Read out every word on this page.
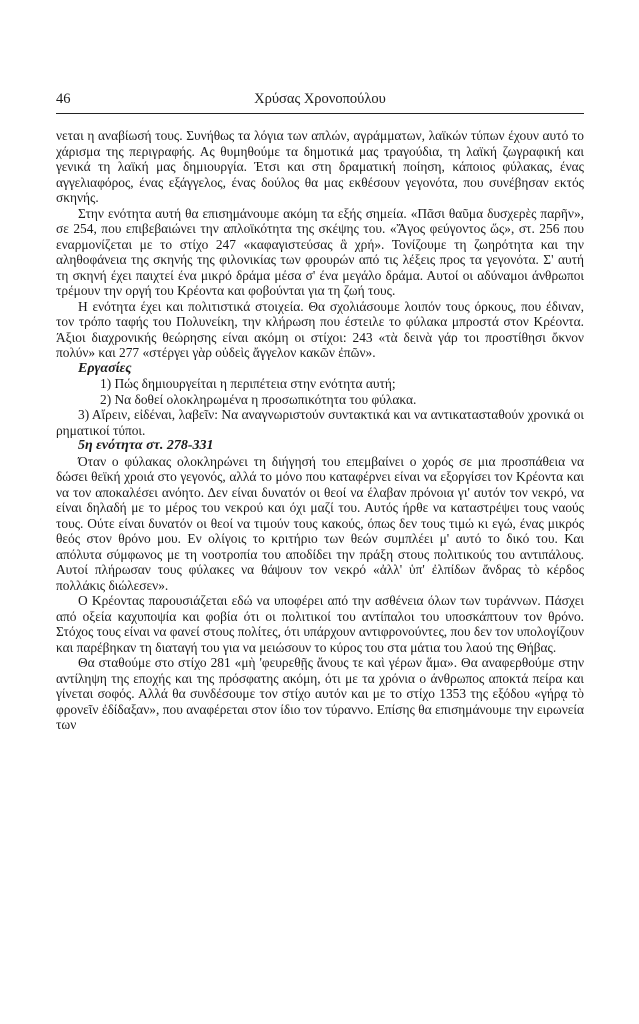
46	Χρύσας Χρονοπούλου

νεται η αναβίωσή τους. Συνήθως τα λόγια των απλών, αγράμματων, λαϊκών τύπων έχουν αυτό το χάρισμα της περιγραφής. Ας θυμηθούμε τα δημοτικά μας τραγούδια, τη λαϊκή ζωγραφική και γενικά τη λαϊκή μας δημιουργία. Έτσι και στη δραματική ποίηση, κάποιος φύλακας, ένας αγγελιαφόρος, ένας εξάγγελος, ένας δούλος θα μας εκθέσουν γεγονότα, που συνέβησαν εκτός σκηνής.

Στην ενότητα αυτή θα επισημάνουμε ακόμη τα εξής σημεία. «Πᾶσι θαῦμα δυσχερὲς παρῆν», σε 254, που επιβεβαιώνει την απλοϊκότητα της σκέψης του. «Ἄγος φεύγοντος ὥς», στ. 256 που εναρμονίζεται με το στίχο 247 «καφαγιστεύσας ἃ χρή». Τονίζουμε τη ζωηρότητα και την αληθοφάνεια της σκηνής της φιλονικίας των φρουρών από τις λέξεις προς τα γεγονότα. Σ' αυτή τη σκηνή έχει παιχτεί ένα μικρό δράμα μέσα σ' ένα μεγάλο δράμα. Αυτοί οι αδύναμοι άνθρωποι τρέμουν την οργή του Κρέοντα και φοβούνται για τη ζωή τους.

Η ενότητα έχει και πολιτιστικά στοιχεία. Θα σχολιάσουμε λοιπόν τους όρκους, που έδιναν, τον τρόπο ταφής του Πολυνείκη, την κλήρωση που έστειλε το φύλακα μπροστά στον Κρέοντα. Άξιοι διαχρονικής θεώρησης είναι ακόμη οι στίχοι: 243 «τὰ δεινὰ γάρ τοι προστίθησι ὄκνον πολύν» και 277 «στέργει γὰρ οὐδεὶς ἄγγελον κακῶν ἐπῶν».

Εργασίες

1) Πώς δημιουργείται η περιπέτεια στην ενότητα αυτή;

2) Να δοθεί ολοκληρωμένα η προσωπικότητα του φύλακα.

3) Αἴρειν, εἰδέναι, λαβεῖν: Να αναγνωριστούν συντακτικά και να αντικατασταθούν χρονικά οι ρηματικοί τύποι.

5η ενότητα στ. 278-331

Όταν ο φύλακας ολοκληρώνει τη διήγησή του επεμβαίνει ο χορός σε μια προσπάθεια να δώσει θεϊκή χροιά στο γεγονός, αλλά το μόνο που καταφέρνει είναι να εξοργίσει τον Κρέοντα και να τον αποκαλέσει ανόητο. Δεν είναι δυνατόν οι θεοί να έλαβαν πρόνοια γι' αυτόν τον νεκρό, να είναι δηλαδή με το μέρος του νεκρού και όχι μαζί του. Αυτός ήρθε να καταστρέψει τους ναούς τους. Ούτε είναι δυνατόν οι θεοί να τιμούν τους κακούς, όπως δεν τους τιμώ κι εγώ, ένας μικρός θεός στον θρόνο μου. Εν ολίγοις το κριτήριο των θεών συμπλέει μ' αυτό το δικό του. Και απόλυτα σύμφωνος με τη νοοτροπία του αποδίδει την πράξη στους πολιτικούς του αντιπάλους. Αυτοί πλήρωσαν τους φύλακες να θάψουν τον νεκρό «ἀλλ' ὑπ' ἐλπίδων ἄνδρας τὸ κέρδος πολλάκις διώλεσεν».

Ο Κρέοντας παρουσιάζεται εδώ να υποφέρει από την ασθένεια όλων των τυράννων. Πάσχει από οξεία καχυποψία και φοβία ότι οι πολιτικοί του αντίπαλοι του υποσκάπτουν τον θρόνο. Στόχος τους είναι να φανεί στους πολίτες, ότι υπάρχουν αντιφρονούντες, που δεν τον υπολογίζουν και παρέβηκαν τη διαταγή του για να μειώσουν το κύρος του στα μάτια του λαού της Θήβας.

Θα σταθούμε στο στίχο 281 «μὴ 'φευρεθῇς ἄνους τε καὶ γέρων ἅμα». Θα αναφερθούμε στην αντίληψη της εποχής και της πρόσφατης ακόμη, ότι με τα χρόνια ο άνθρωπος αποκτά πείρα και γίνεται σοφός. Αλλά θα συνδέσουμε τον στίχο αυτόν και με το στίχο 1353 της εξόδου «γήρᾳ τὸ φρονεῖν ἐδίδαξαν», που αναφέρεται στον ίδιο τον τύραννο. Επίσης θα επισημάνουμε την ειρωνεία των
